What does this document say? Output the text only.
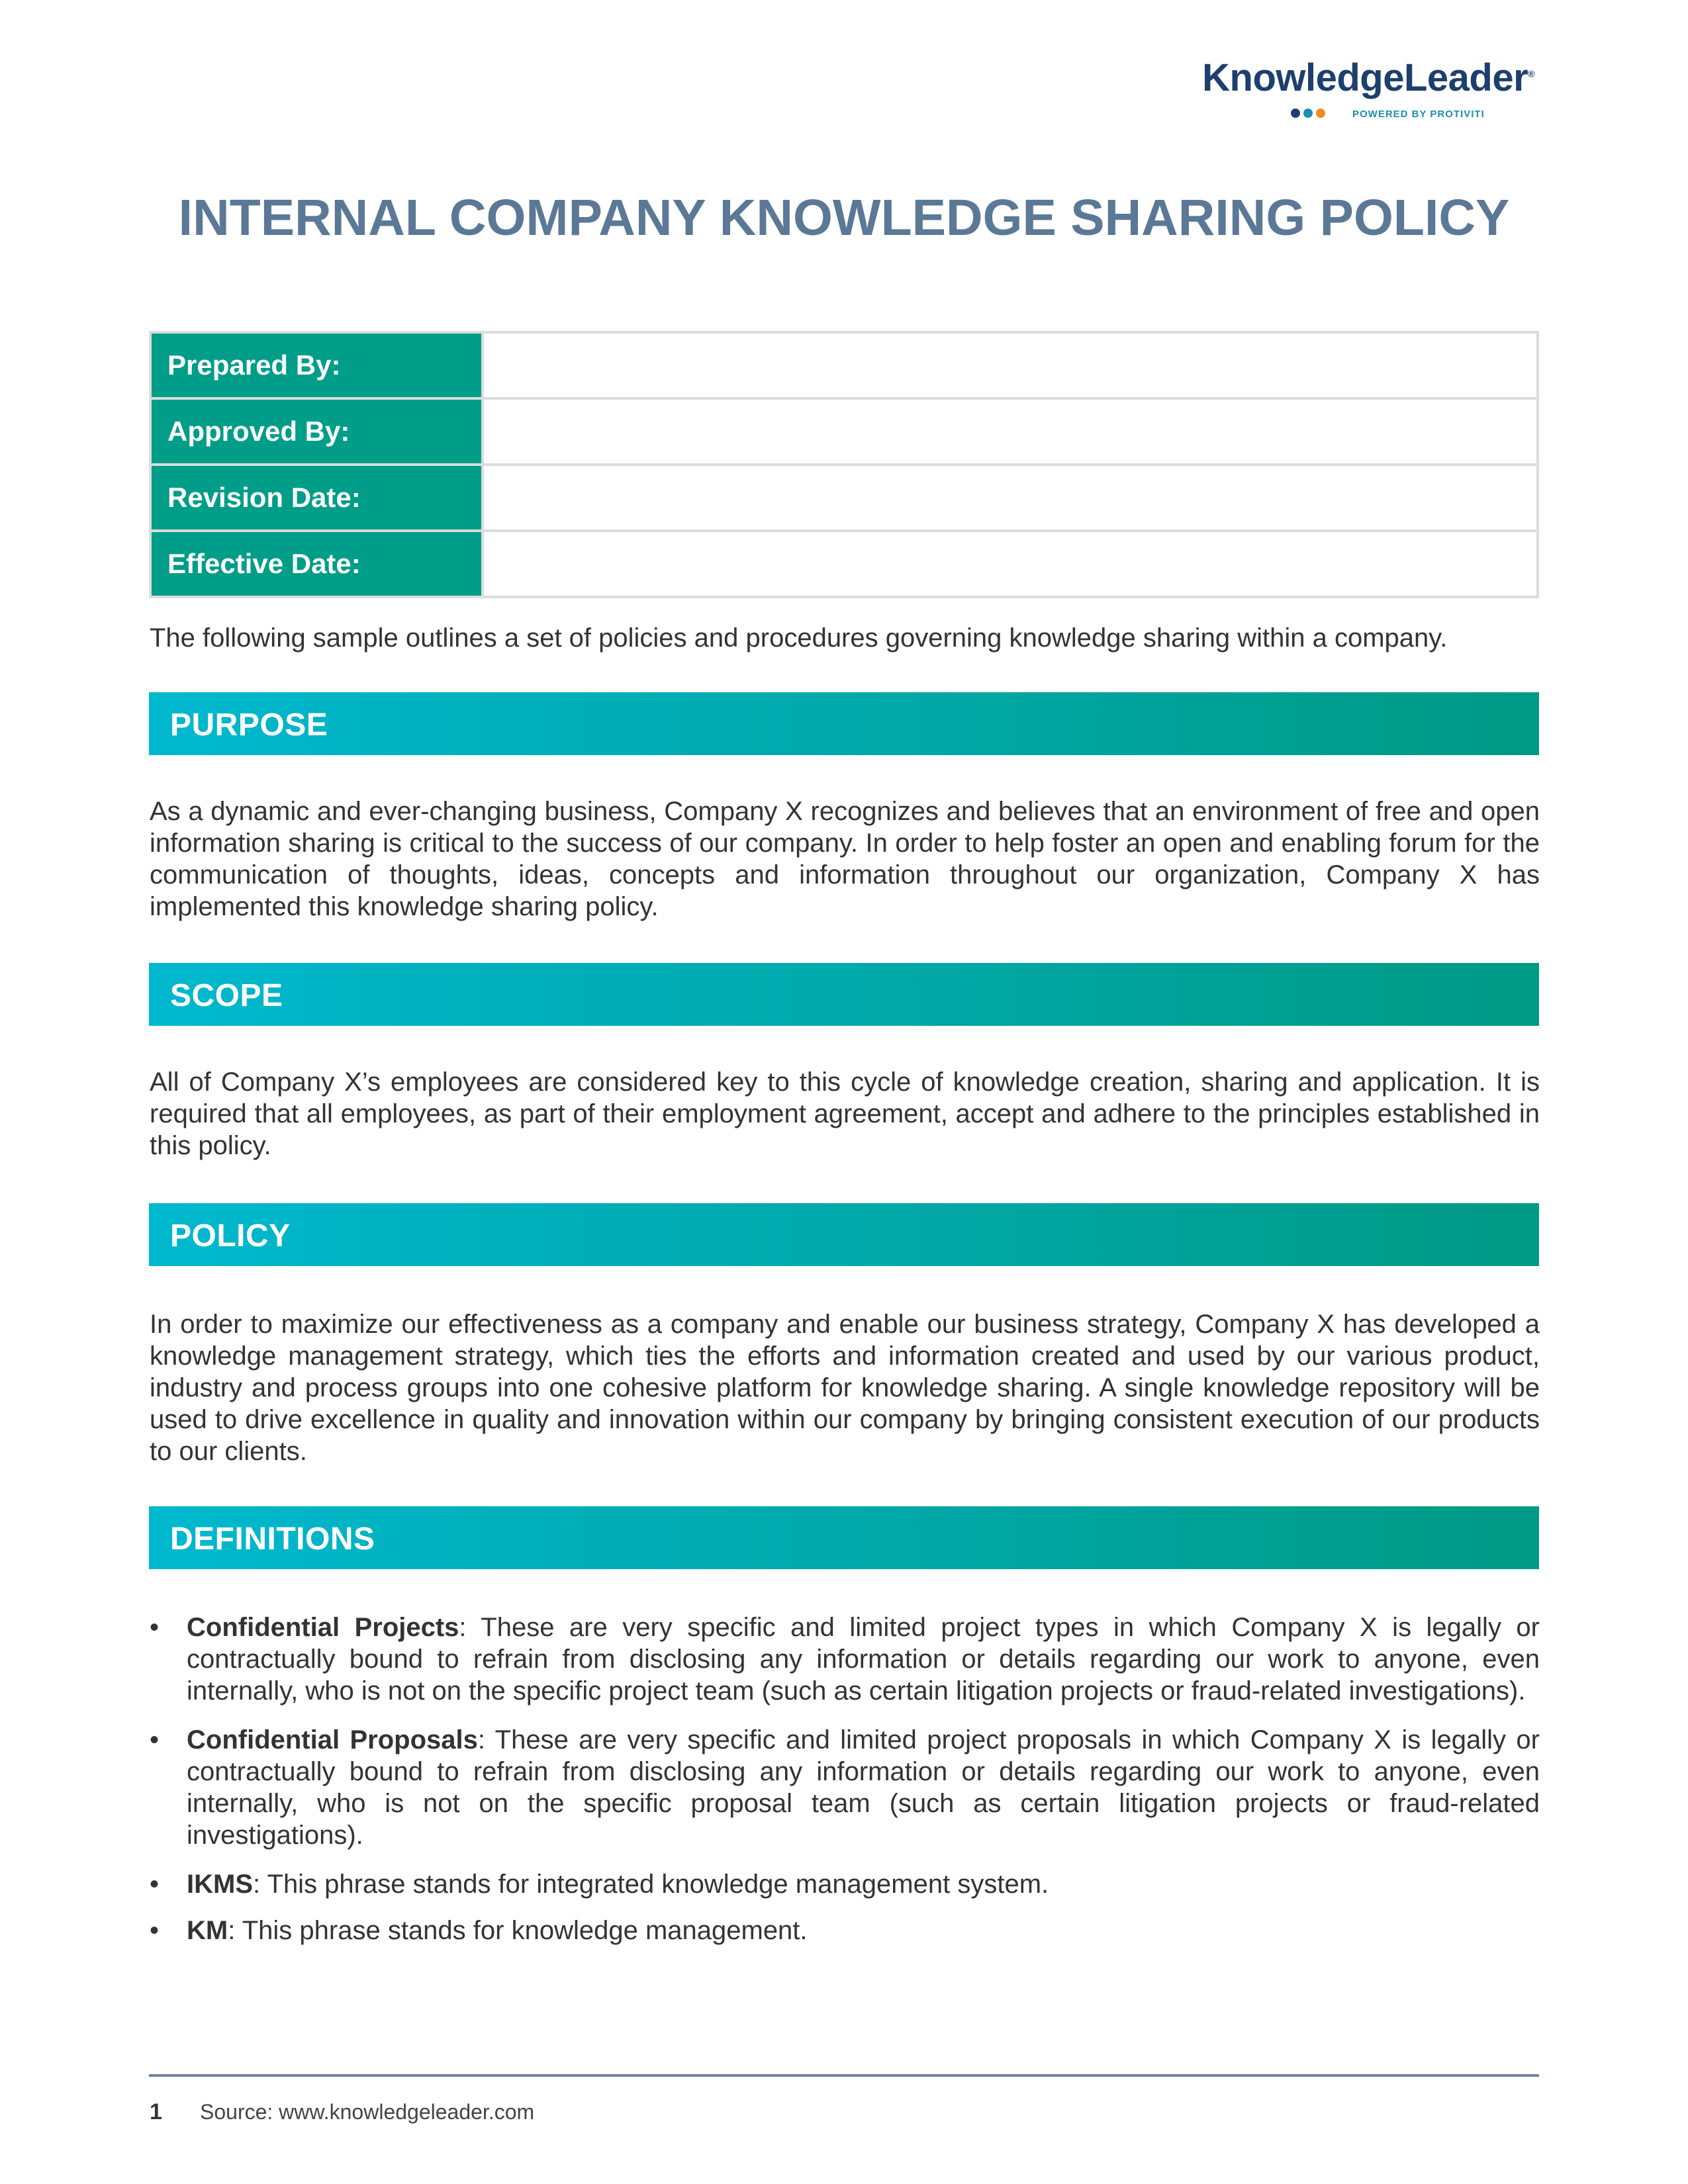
KnowledgeLeader®
POWERED BY PROTIVITI
INTERNAL COMPANY KNOWLEDGE SHARING POLICY
Prepared By:	
Approved By:	
Revision Date:	
Effective Date:	

The following sample outlines a set of policies and procedures governing knowledge sharing within a company.

PURPOSE

As a dynamic and ever-changing business, Company X recognizes and believes that an environment of free and open information sharing is critical to the success of our company. In order to help foster an open and enabling forum for the communication of thoughts, ideas, concepts and information throughout our organization, Company X has implemented this knowledge sharing policy.

SCOPE

All of Company X’s employees are considered key to this cycle of knowledge creation, sharing and application. It is required that all employees, as part of their employment agreement, accept and adhere to the principles established in this policy.

POLICY

In order to maximize our effectiveness as a company and enable our business strategy, Company X has developed a knowledge management strategy, which ties the efforts and information created and used by our various product, industry and process groups into one cohesive platform for knowledge sharing. A single knowledge repository will be used to drive excellence in quality and innovation within our company by bringing consistent execution of our products to our clients.

DEFINITIONS
• Confidential Projects: These are very specific and limited project types in which Company X is legally or contractually bound to refrain from disclosing any information or details regarding our work to anyone, even internally, who is not on the specific project team (such as certain litigation projects or fraud-related investigations).
• Confidential Proposals: These are very specific and limited project proposals in which Company X is legally or contractually bound to refrain from disclosing any information or details regarding our work to anyone, even internally, who is not on the specific proposal team (such as certain litigation projects or fraud-related investigations).
• IKMS: This phrase stands for integrated knowledge management system.
• KM: This phrase stands for knowledge management.
1 Source: www.knowledgeleader.com
